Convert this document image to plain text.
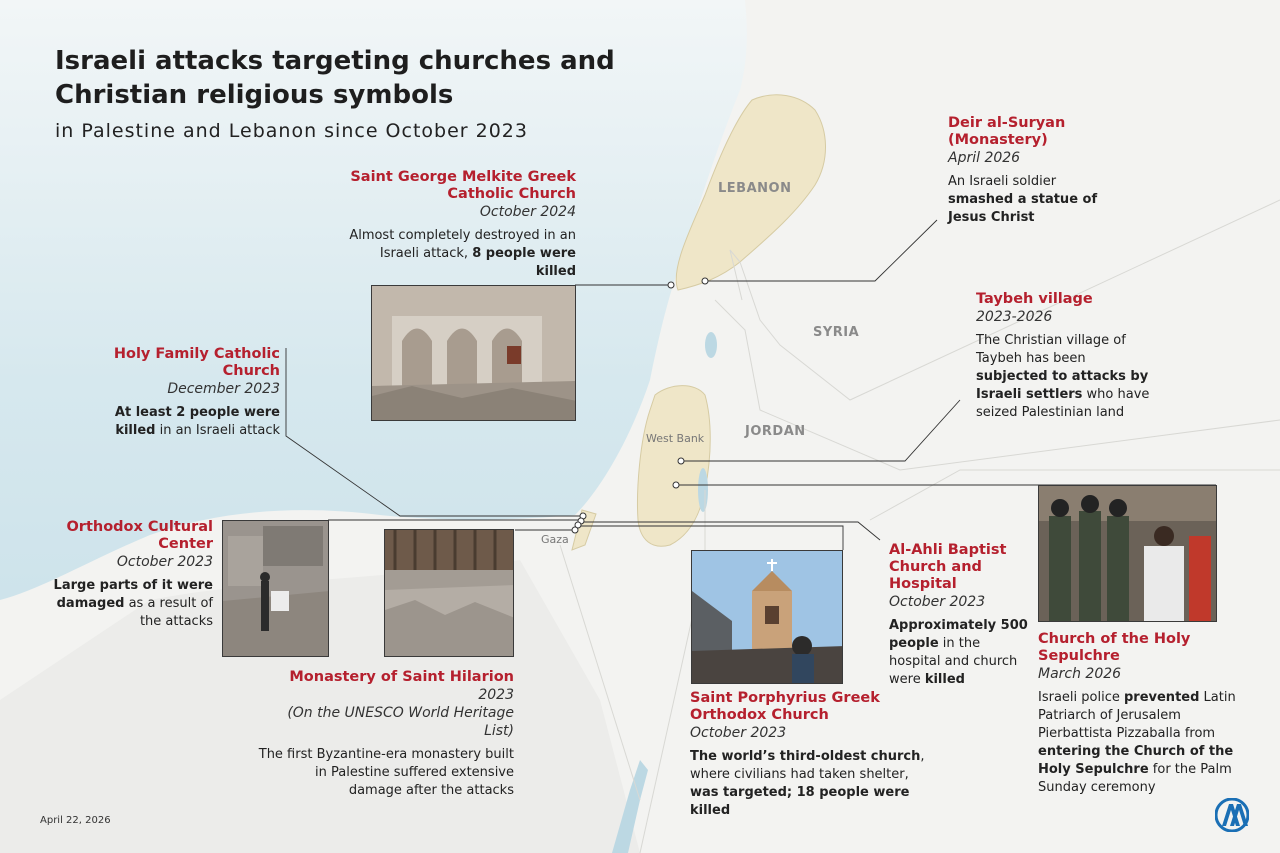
Israeli attacks targeting churches and Christian religious symbols
in Palestine and Lebanon since October 2023
LEBANON
SYRIA
JORDAN
West Bank
Gaza
Saint George Melkite Greek Catholic Church
October 2024
Almost completely destroyed in an Israeli attack, 8 people were killed
Deir al-Suryan (Monastery)
April 2026
An Israeli soldier smashed a statue of Jesus Christ
Holy Family Catholic Church
December 2023
At least 2 people were killed in an Israeli attack
Taybeh village
2023-2026
The Christian village of Taybeh has been subjected to attacks by Israeli settlers who have seized Palestinian land
Orthodox Cultural Center
October 2023
Large parts of it were damaged as a result of the attacks
Monastery of Saint Hilarion
2023
(On the UNESCO World Heritage List)
The first Byzantine-era monastery built in Palestine suffered extensive damage after the attacks
Saint Porphyrius Greek Orthodox Church
October 2023
The world’s third-oldest church, where civilians had taken shelter, was targeted; 18 people were killed
Al-Ahli Baptist Church and Hospital
October 2023
Approximately 500 people in the hospital and church were killed
Church of the Holy Sepulchre
March 2026
Israeli police prevented Latin Patriarch of Jerusalem Pierbattista Pizzaballa from entering the Church of the Holy Sepulchre for the Palm Sunday ceremony
April 22, 2026
